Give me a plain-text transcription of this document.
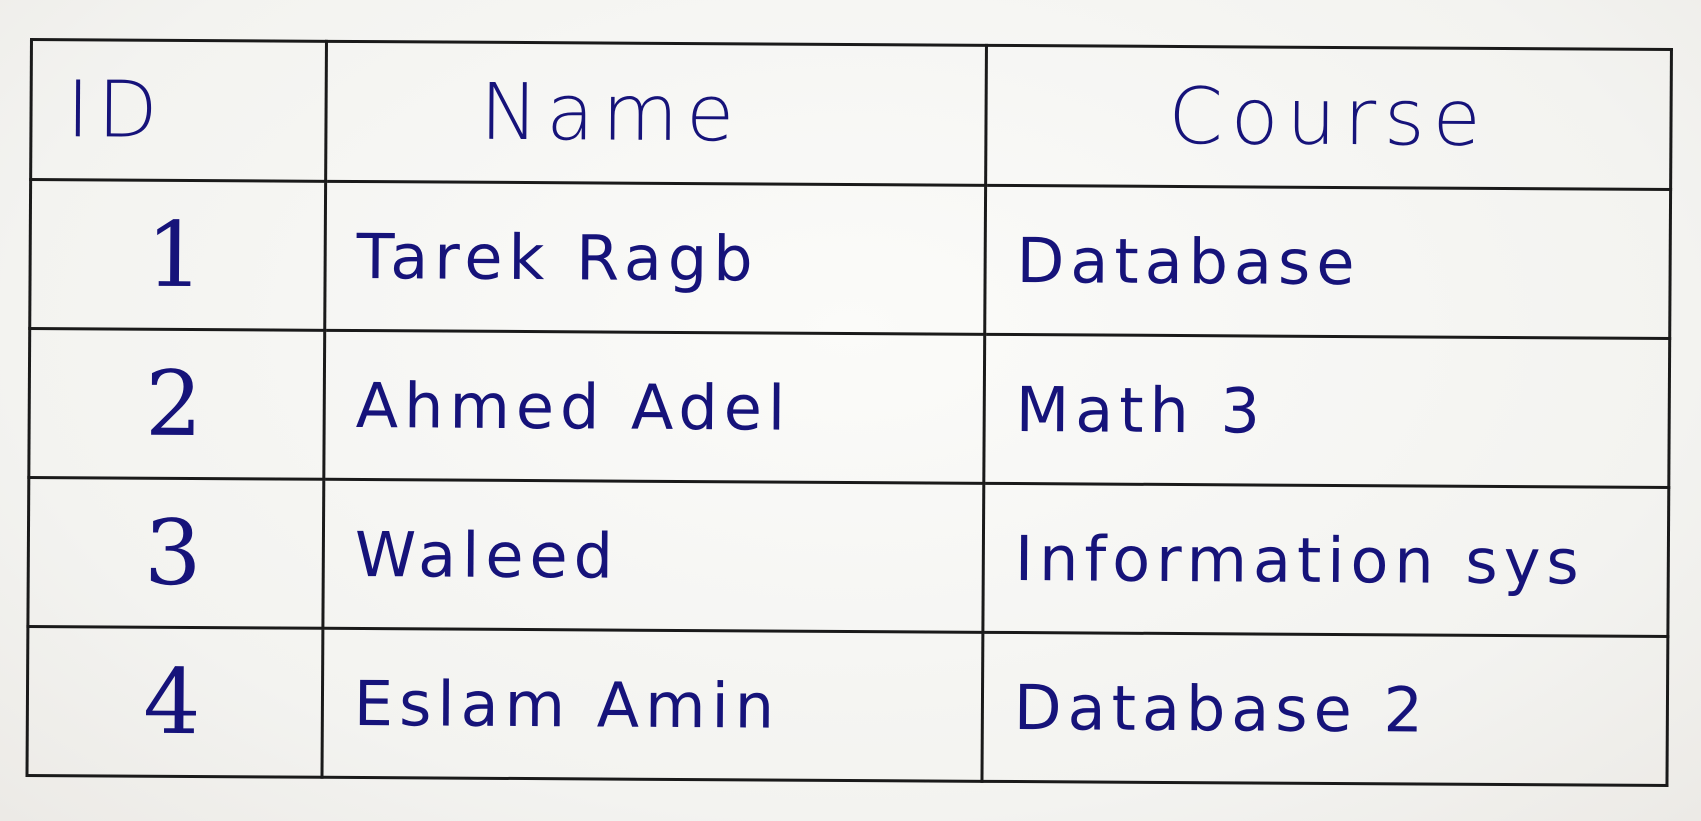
ID	Name	Course
1	Tarek Ragb	Database
2	Ahmed Adel	Math 3
3	Waleed	Information sys
4	Eslam Amin	Database 2
